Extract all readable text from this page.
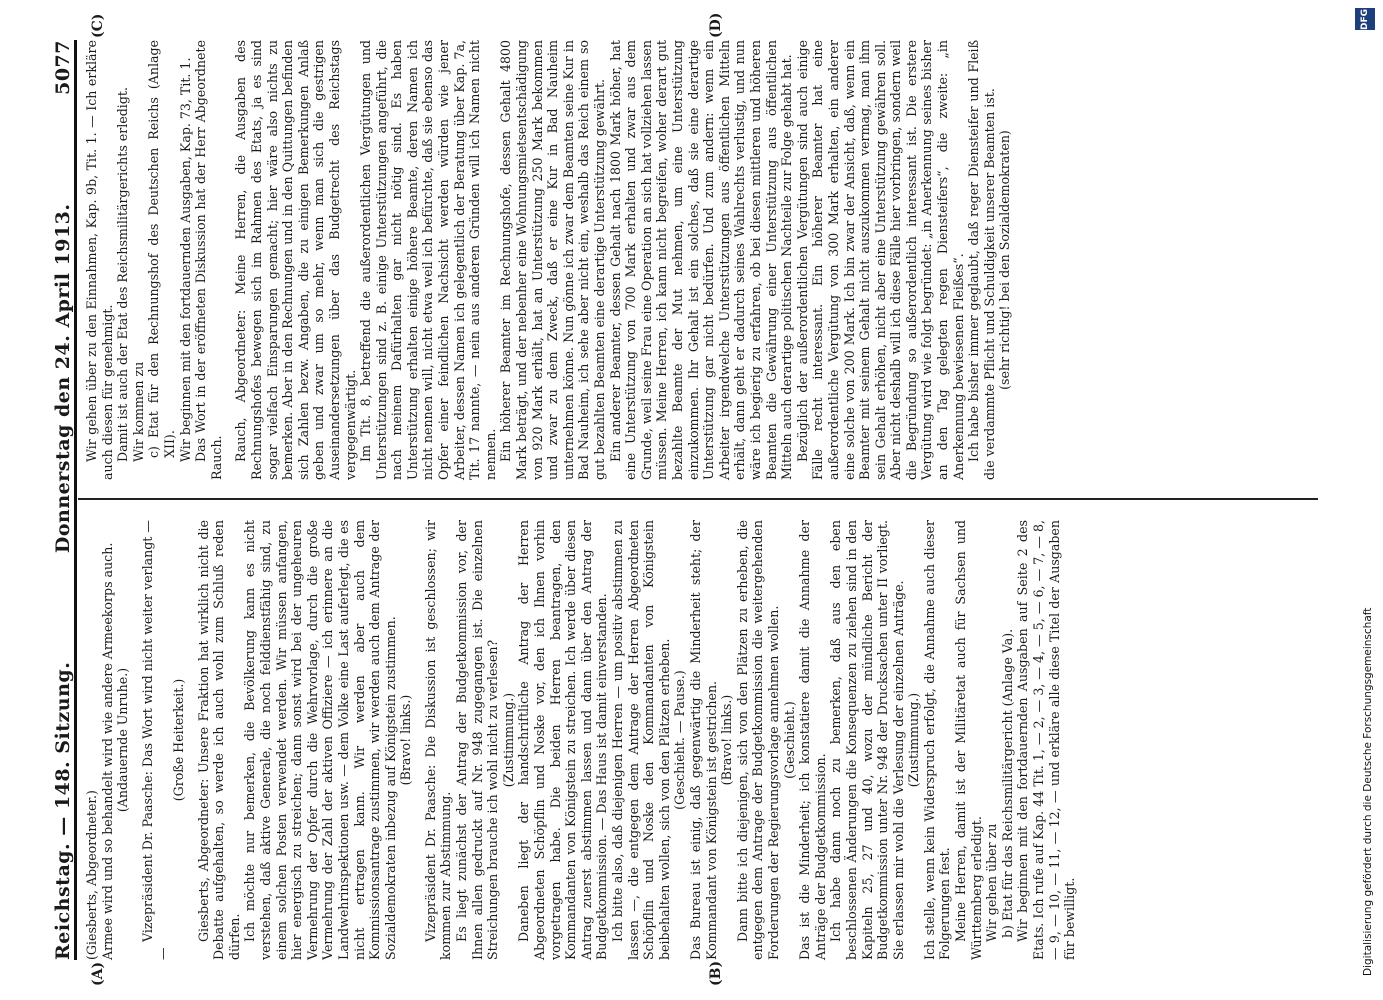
Reichstag. — 148. Sitzung.
Donnerstag den 24. April 1913.
5077
(A)	(B)
(C)	(D)

(Giesberts, Abgeordneter.) Armee wird und so behandelt wird wie andere Armeekorps auch. (Andauernde Unruhe.) Vizepräsident Dr. Paasche: Das Wort wird nicht weiter verlangt — —

(Große Heiterkeit.) Giesberts, Abgeordneter: Unsere Fraktion hat wirklich nicht die Debatte aufgehalten, so werde ich auch wohl zum Schluß reden dürfen. Ich möchte nur bemerken, die Bevölkerung kann es nicht verstehen, daß aktive Generale, die noch felddienstfähig sind, zu einem solchen Posten verwendet werden. Wir müssen anfangen, hier energisch zu streichen; dann sonst wird bei der ungeheuren Vermehrung der Opfer durch die Wehrvorlage, durch die große Vermehrung der Zahl der aktiven Offiziere — ich erinnere an die Landwehrinspektionen usw. — dem Volke eine Last auferlegt, die es nicht ertragen kann. Wir werden aber auch dem Kommissionsantrage zustimmen, wir werden auch dem Antrage der Sozialdemokraten inbezug auf Königstein zustimmen. (Bravo! links.) Vizepräsident Dr. Paasche: Die Diskussion ist geschlossen; wir kommen zur Abstimmung. Es liegt zunächst der Antrag der Budgetkommission vor, der Ihnen allen gedruckt auf Nr. 948 zugegangen ist. Die einzelnen Streichungen brauche ich wohl nicht zu verlesen? (Zustimmung.) Daneben liegt der handschriftliche Antrag der Herren Abgeordneten Schöpflin und Noske vor, den ich Ihnen vorhin vorgetragen habe. Die beiden Herren beantragen, den Kommandanten von Königstein zu streichen. Ich werde über diesen Antrag zuerst abstimmen lassen und dann über den Antrag der Budgetkommission. — Das Haus ist damit einverstanden. Ich bitte also, daß diejenigen Herren — um positiv abstimmen zu lassen —, die entgegen dem Antrage der Herren Abgeordneten Schöpflin und Noske den Kommandanten von Königstein beibehalten wollen, sich von den Plätzen erheben. (Geschieht. — Pause.) Das Bureau ist einig, daß gegenwärtig die Minderheit steht; der Kommandant von Königstein ist gestrichen. (Bravo! links.) Dann bitte ich diejenigen, sich von den Plätzen zu erheben, die entgegen dem Antrage der Budgetkommission die weitergehenden Forderungen der Regierungsvorlage annehmen wollen. (Geschieht.) Das ist die Minderheit; ich konstatiere damit die Annahme der Anträge der Budgetkommission. Ich habe dann noch zu bemerken, daß aus den eben beschlossenen Änderungen die Konsequenzen zu ziehen sind in den Kapiteln 25, 27 und 40, wozu der mündliche Bericht der Budgetkommission unter Nr. 948 der Drucksachen unter II vorliegt. Sie erlassen mir wohl die Verlesung der einzelnen Anträge. (Zustimmung.) Ich stelle, wenn kein Widerspruch erfolgt, die Annahme auch dieser Folgerungen fest. Meine Herren, damit ist der Militäretat auch für Sachsen und Württemberg erledigt. Wir gehen über zu b) Etat für das Reichsmilitärgericht (Anlage Va). Wir beginnen mit den fortdauernden Ausgaben auf Seite 2 des Etats. Ich rufe auf Kap. 44 Tit. 1, — 2, — 3, — 4, — 5, — 6, — 7, — 8, — 9, — 10, — 11, — 12, — und erkläre alle diese Titel der Ausgaben für bewilligt.

Wir gehen über zu den Einnahmen, Kap. 9b, Tit. 1. — Ich erkläre auch diesen für genehmigt. Damit ist auch der Etat des Reichsmilitärgerichts erledigt. Wir kommen zu c) Etat für den Rechnungshof des Deutschen Reichs (Anlage XII). Wir beginnen mit den fortdauernden Ausgaben, Kap. 73, Tit. 1. Das Wort in der eröffneten Diskussion hat der Herr Abgeordnete Rauch. Rauch, Abgeordneter: Meine Herren, die Ausgaben des Rechnungshofes bewegen sich im Rahmen des Etats, ja es sind sogar vielfach Einsparungen gemacht; hier wäre also nichts zu bemerken. Aber in den Rechnungen und in den Quittungen befinden sich Zahlen bezw. Angaben, die zu einigen Bemerkungen Anlaß geben und zwar um so mehr, wenn man sich die gestrigen Auseinandersetzungen über das Budgetrecht des Reichstags vergegenwärtigt. Im Tit. 8, betreffend die außerordentlichen Vergütungen und Unterstützungen sind z. B. einige Unterstützungen angeführt, die nach meinem Dafürhalten gar nicht nötig sind. Es haben Unterstützung erhalten einige höhere Beamte, deren Namen ich nicht nennen will, nicht etwa weil ich befürchte, daß sie ebenso das Opfer einer feindlichen Nachsicht werden würden wie jener Arbeiter, dessen Namen ich gelegentlich der Beratung über Kap. 7a, Tit. 17 nannte, — nein aus anderen Gründen will ich Namen nicht nennen. Ein höherer Beamter im Rechnungshofe, dessen Gehalt 4800 Mark beträgt, und der nebenher eine Wohnungsmietsentschädigung von 920 Mark erhält, hat an Unterstützung 250 Mark bekommen und zwar zu dem Zweck, daß er eine Kur in Bad Nauheim unternehmen könne. Nun gönne ich zwar dem Beamten seine Kur in Bad Nauheim, ich sehe aber nicht ein, weshalb das Reich einem so gut bezahlten Beamten eine derartige Unterstützung gewährt. Ein anderer Beamter, dessen Gehalt nach 1800 Mark höher, hat eine Unterstützung von 700 Mark erhalten und zwar aus dem Grunde, weil seine Frau eine Operation an sich hat vollziehen lassen müssen. Meine Herren, ich kann nicht begreifen, woher derart gut bezahlte Beamte der Mut nehmen, um eine Unterstützung einzukommen. Ihr Gehalt ist ein solches, daß sie eine derartige Unterstützung gar nicht bedürfen. Und zum andern: wenn ein Arbeiter irgendwelche Unterstützungen aus öffentlichen Mitteln erhält, dann geht er dadurch seines Wahlrechts verlustig, und nun wäre ich begierig zu erfahren, ob bei diesen mittleren und höheren Beamten die Gewährung einer Unterstützung aus öffentlichen Mitteln auch derartige politischen Nachteile zur Folge gehabt hat. Bezüglich der außerordentlichen Vergütungen sind auch einige Fälle recht interessant. Ein höherer Beamter hat eine außerordentliche Vergütung von 300 Mark erhalten, ein anderer eine solche von 200 Mark. Ich bin zwar der Ansicht, daß, wenn ein Beamter mit seinem Gehalt nicht auszukommen vermag, man ihm sein Gehalt erhöhen, nicht aber eine Unterstützung gewähren soll. Aber nicht deshalb will ich diese Fälle hier vorbringen, sondern weil die Begründung so außerordentlich interessant ist. Die erstere Vergütung wird wie folgt begründet: „in Anerkennung seines bisher an den Tag gelegten regen Diensteifers“, die zweite: „in Anerkennung bewiesenen Fleißes“. Ich habe bisher immer geglaubt, daß reger Diensteifer und Fleiß die verdammte Pflicht und Schuldigkeit unserer Beamten ist. (sehr richtig! bei den Sozialdemokraten)

DFG
Digitalisierung gefördert durch die Deutsche Forschungsgemeinschaft
